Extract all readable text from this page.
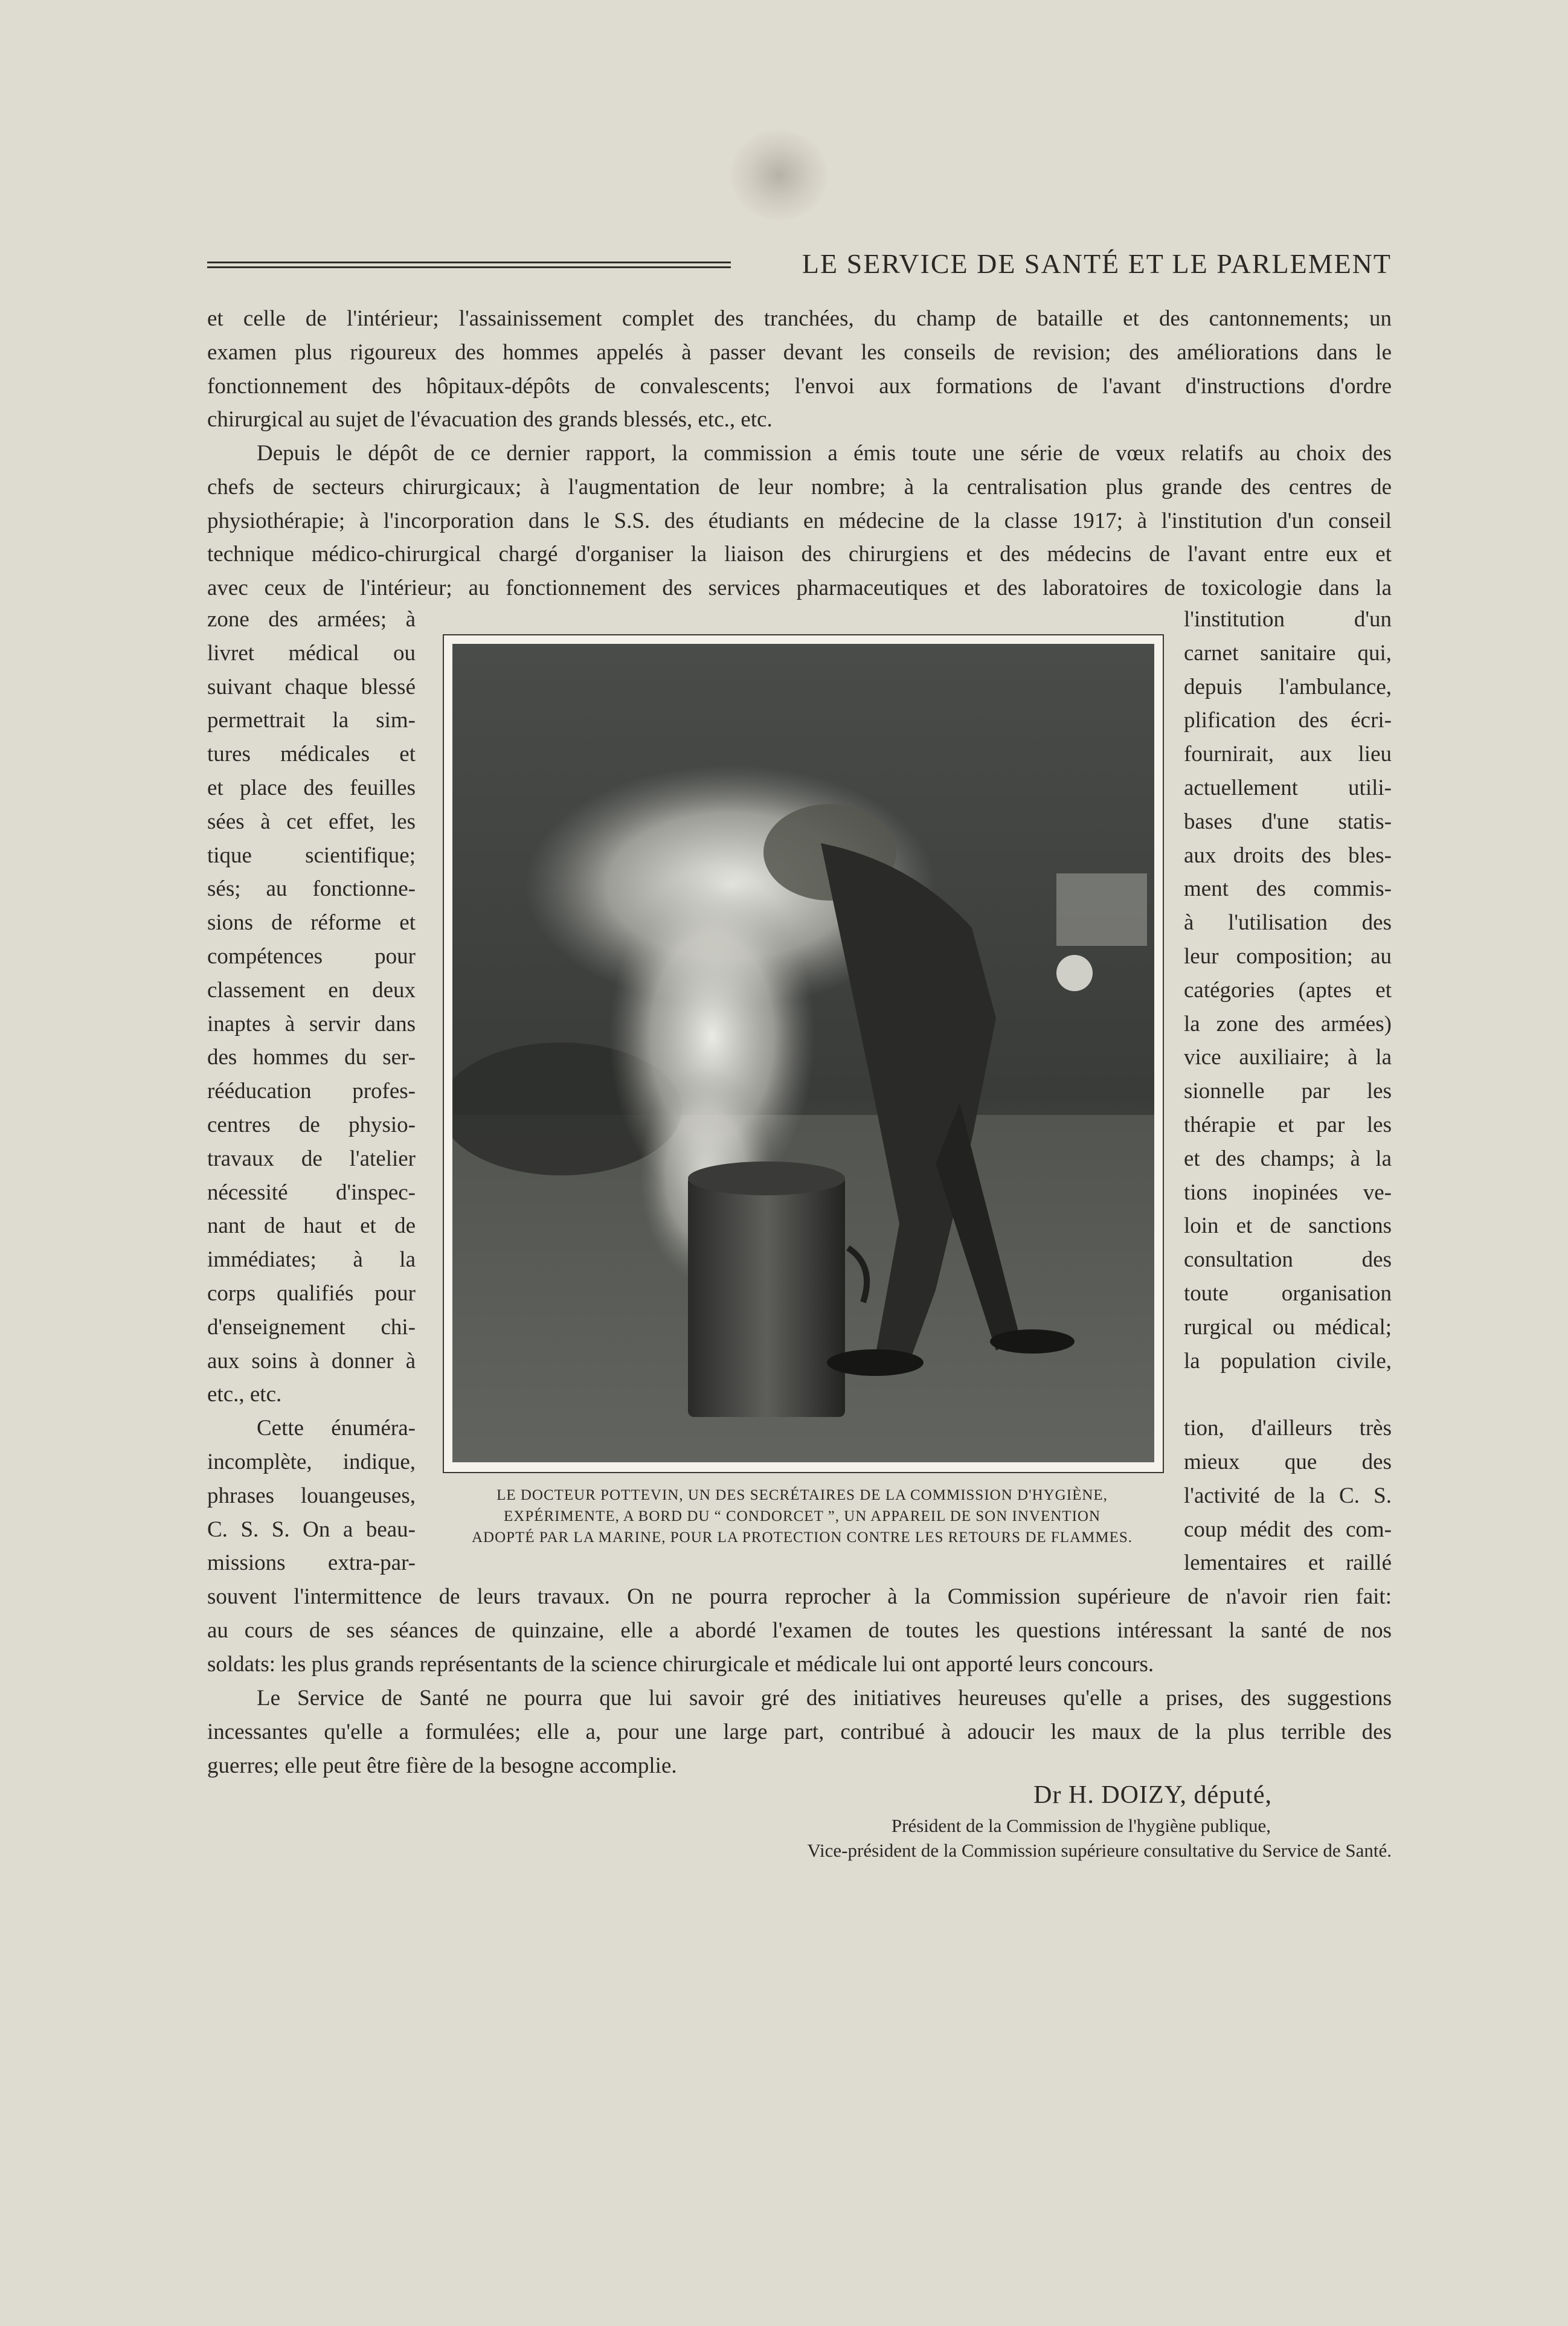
LE SERVICE DE SANTÉ ET LE PARLEMENT
et celle de l'intérieur; l'assainissement complet des tranchées, du champ de bataille et des cantonnements; un
examen plus rigoureux des hommes appelés à passer devant les conseils de revision; des améliorations dans le
fonctionnement des hôpitaux-dépôts de convalescents; l'envoi aux formations de l'avant d'instructions d'ordre
chirurgical au sujet de l'évacuation des grands blessés, etc., etc.
Depuis le dépôt de ce dernier rapport, la commission a émis toute une série de vœux relatifs au choix des
chefs de secteurs chirurgicaux; à l'augmentation de leur nombre; à la centralisation plus grande des centres de
physiothérapie; à l'incorporation dans le S.S. des étudiants en médecine de la classe 1917; à l'institution d'un conseil
technique médico-chirurgical chargé d'organiser la liaison des chirurgiens et des médecins de l'avant entre eux et
avec ceux de l'intérieur; au fonctionnement des services pharmaceutiques et des laboratoires de toxicologie dans la
zone des armées; à
livret médical ou
suivant chaque blessé
permettrait la sim-
tures médicales et
et place des feuilles
sées à cet effet, les
tique scientifique;
sés; au fonctionne-
sions de réforme et
compétences pour
classement en deux
inaptes à servir dans
des hommes du ser-
rééducation profes-
centres de physio-
travaux de l'atelier
nécessité d'inspec-
nant de haut et de
immédiates; à la
corps qualifiés pour
d'enseignement chi-
aux soins à donner à
etc., etc.
Cette énuméra-
incomplète, indique,
phrases louangeuses,
C. S. S. On a beau-
missions extra-par-
l'institution d'un
carnet sanitaire qui,
depuis l'ambulance,
plification des écri-
fournirait, aux lieu
actuellement utili-
bases d'une statis-
aux droits des bles-
ment des commis-
à l'utilisation des
leur composition; au
catégories (aptes et
la zone des armées)
vice auxiliaire; à la
sionnelle par les
thérapie et par les
et des champs; à la
tions inopinées ve-
loin et de sanctions
consultation des
toute organisation
rurgical ou médical;
la population civile,

tion, d'ailleurs très
mieux que des
l'activité de la C. S.
coup médit des com-
lementaires et raillé
LE DOCTEUR POTTEVIN, UN DES SECRÉTAIRES DE LA COMMISSION D'HYGIÈNE,
EXPÉRIMENTE, A BORD DU “ CONDORCET ”, UN APPAREIL DE SON INVENTION
ADOPTÉ PAR LA MARINE, POUR LA PROTECTION CONTRE LES RETOURS DE FLAMMES.
souvent l'intermittence de leurs travaux. On ne pourra reprocher à la Commission supérieure de n'avoir rien fait:
au cours de ses séances de quinzaine, elle a abordé l'examen de toutes les questions intéressant la santé de nos
soldats: les plus grands représentants de la science chirurgicale et médicale lui ont apporté leurs concours.
Le Service de Santé ne pourra que lui savoir gré des initiatives heureuses qu'elle a prises, des suggestions
incessantes qu'elle a formulées; elle a, pour une large part, contribué à adoucir les maux de la plus terrible des
guerres; elle peut être fière de la besogne accomplie.
Dr H. DOIZY, député,
Président de la Commission de l'hygiène publique,
Vice-président de la Commission supérieure consultative du Service de Santé.
